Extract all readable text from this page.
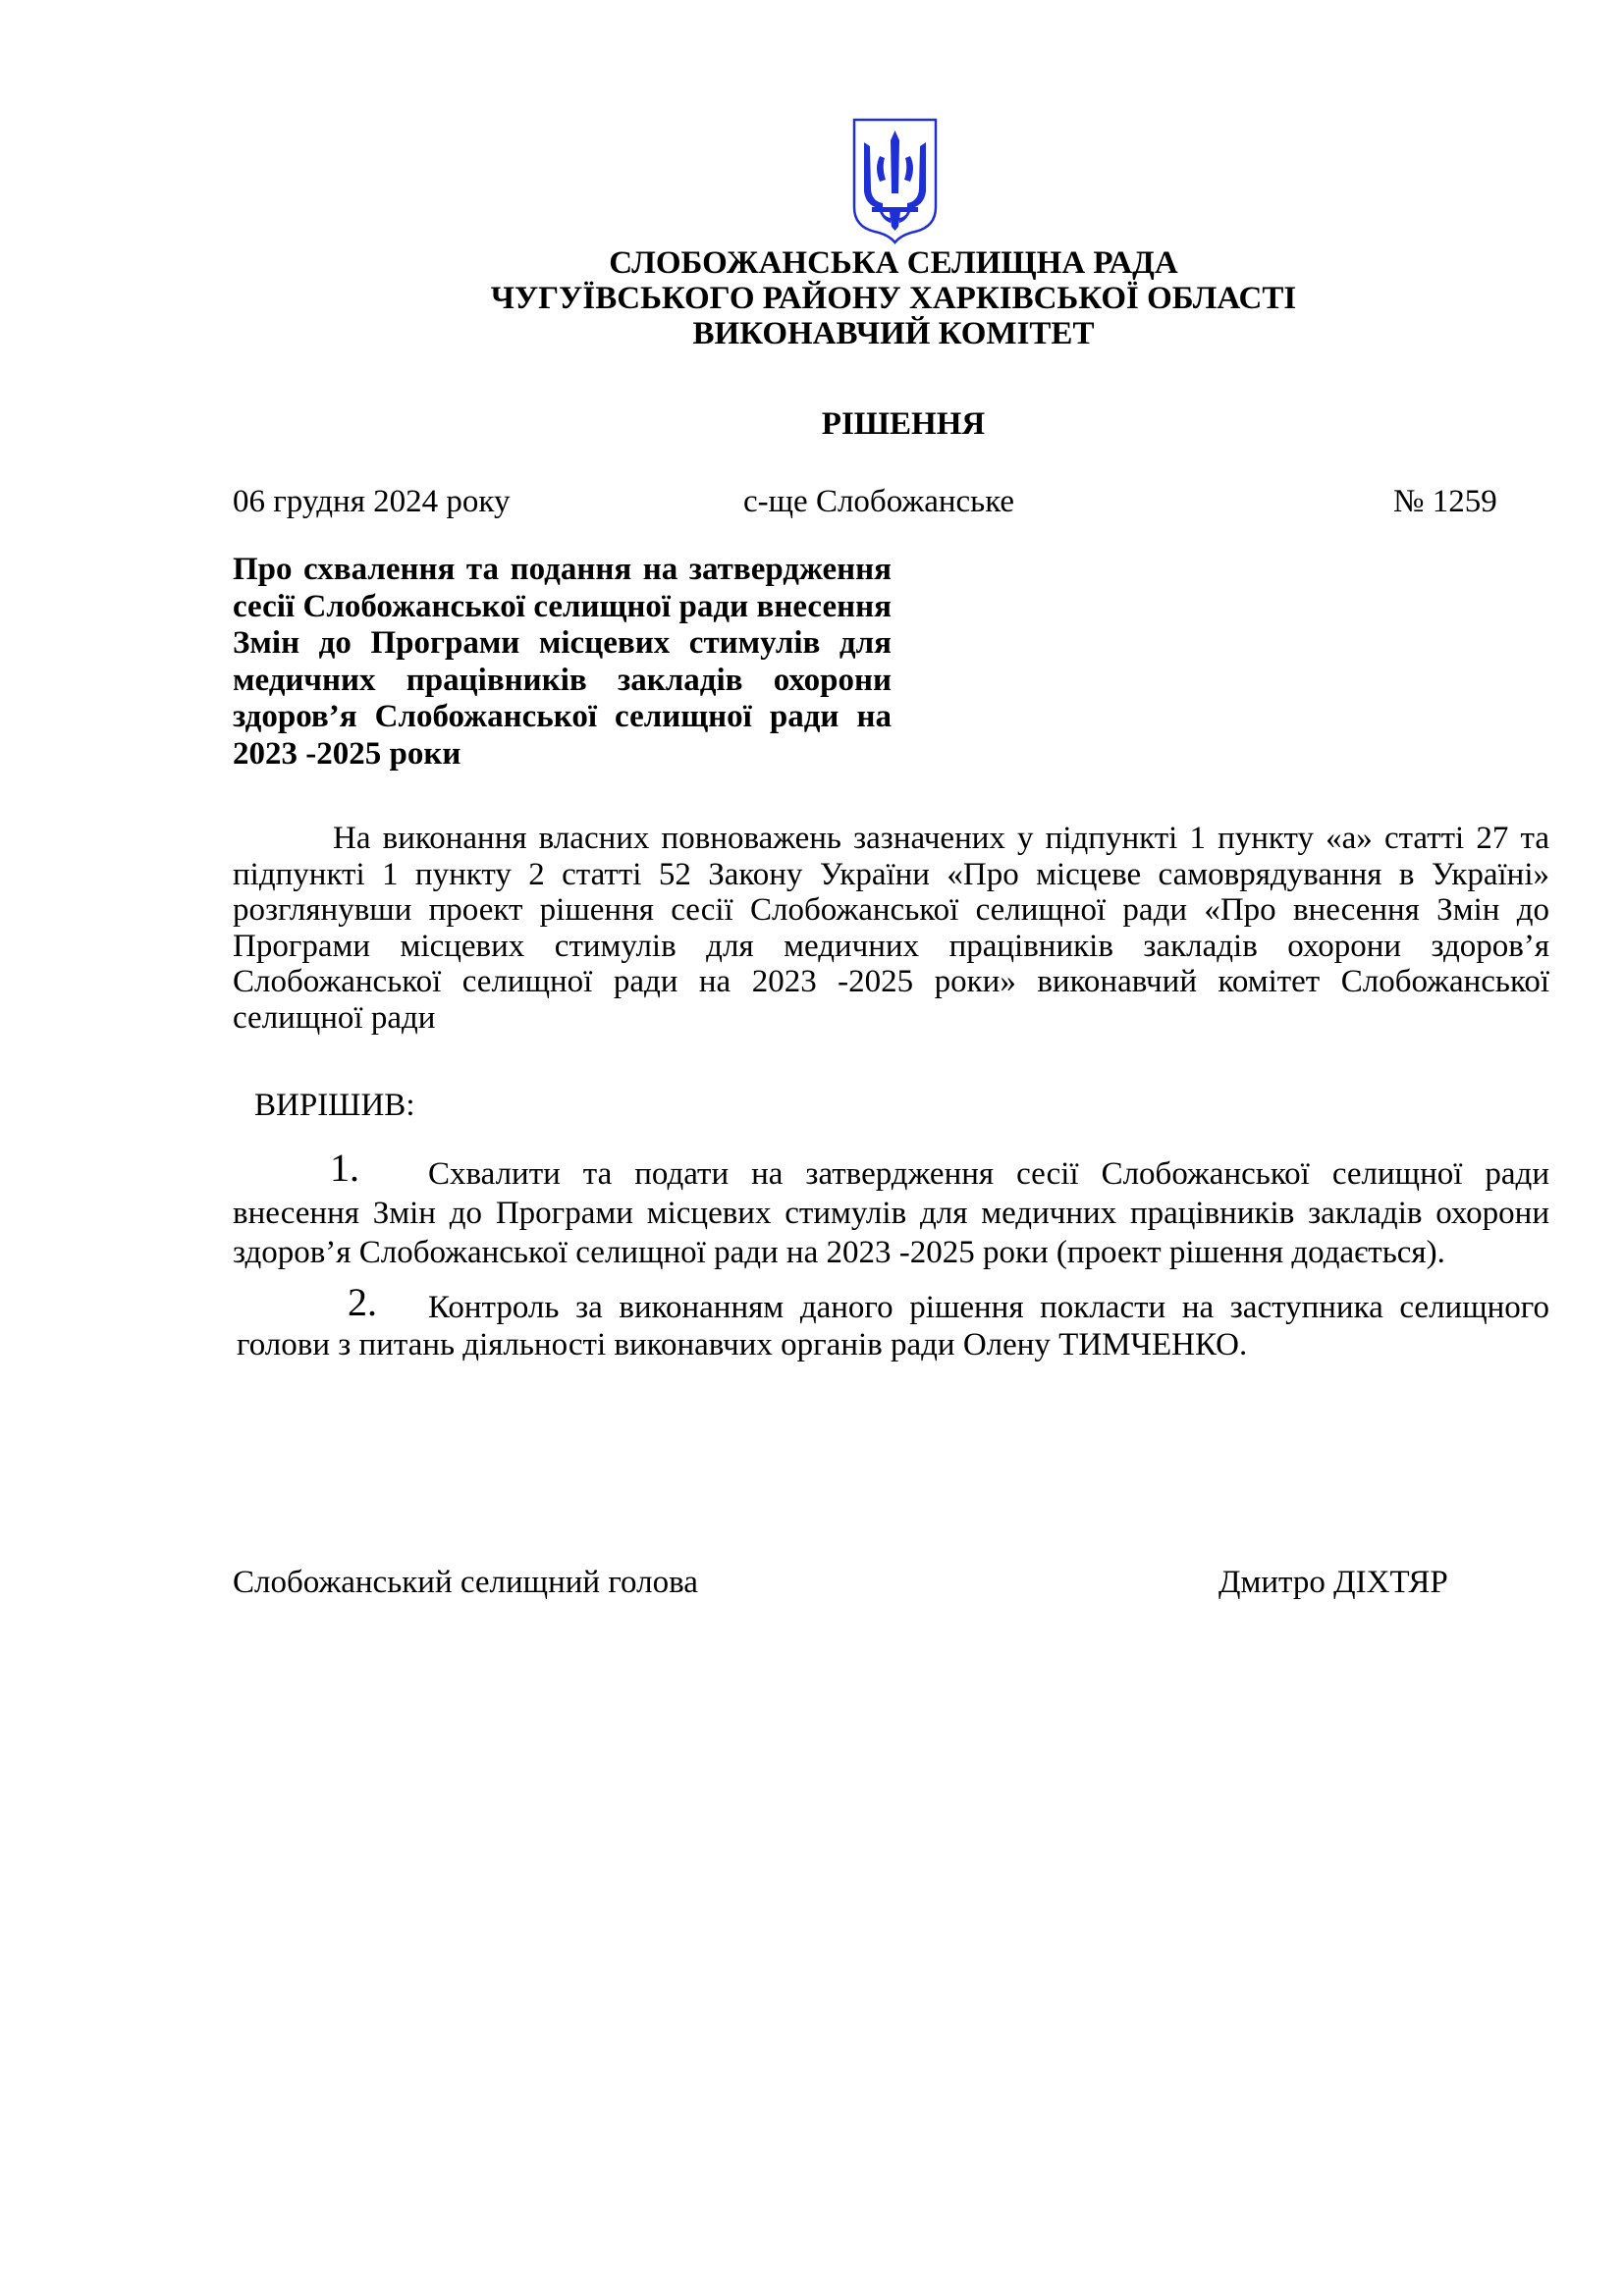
СЛОБОЖАНСЬКА СЕЛИЩНА РАДА
ЧУГУЇВСЬКОГО РАЙОНУ ХАРКІВСЬКОЇ ОБЛАСТІ
ВИКОНАВЧИЙ КОМІТЕТ
РІШЕННЯ
06 грудня 2024 року	с-ще Слобожанське	№ 1259
Про схвалення та подання на затвердження
сесії Слобожанської селищної ради внесення
Змін до Програми місцевих стимулів для
медичних працівників закладів охорони
здоров’я Слобожанської селищної ради на
2023 -2025 роки
На виконання власних повноважень зазначених у підпункті 1 пункту «а» статті 27 та
підпункті 1 пункту 2 статті 52 Закону України «Про місцеве самоврядування в Україні»
розглянувши проект рішення сесії Слобожанської селищної ради «Про внесення Змін до
Програми місцевих стимулів для медичних працівників закладів охорони здоров’я
Слобожанської селищної ради на 2023 -2025 роки» виконавчий комітет Слобожанської
селищної ради
ВИРІШИВ:
1. Схвалити та подати на затвердження сесії Слобожанської селищної ради
внесення Змін до Програми місцевих стимулів для медичних працівників закладів охорони
здоров’я Слобожанської селищної ради на 2023 -2025 роки (проект рішення додається).
2. Контроль за виконанням даного рішення покласти на заступника селищного
голови з питань діяльності виконавчих органів ради Олену ТИМЧЕНКО.
Слобожанський селищний голова	Дмитро ДІХТЯР
